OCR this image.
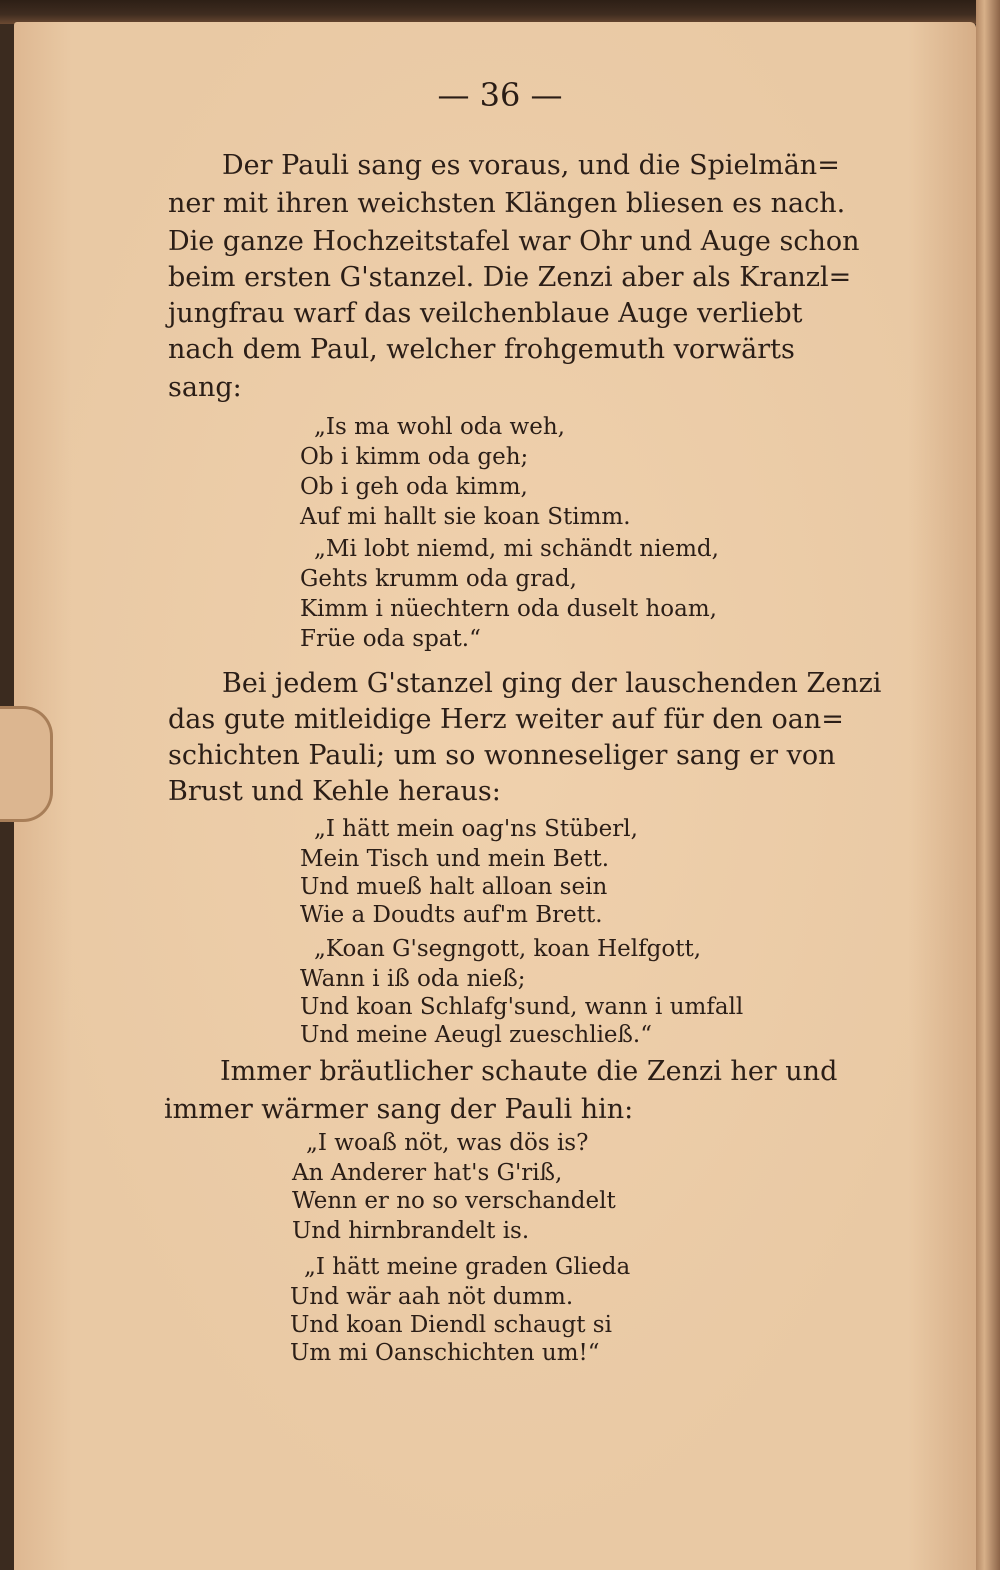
— 36 —

Der Pauli sang es voraus, und die Spielmän=

ner mit ihren weichsten Klängen bliesen es nach.

Die ganze Hochzeitstafel war Ohr und Auge schon

beim ersten G'stanzel. Die Zenzi aber als Kranzl=

jungfrau warf das veilchenblaue Auge verliebt

nach dem Paul, welcher frohgemuth vorwärts

sang:

„Is ma wohl oda weh,

Ob i kimm oda geh;

Ob i geh oda kimm,

Auf mi hallt sie koan Stimm.

„Mi lobt niemd, mi schändt niemd,

Gehts krumm oda grad,

Kimm i nüechtern oda duselt hoam,

Früe oda spat.“

Bei jedem G'stanzel ging der lauschenden Zenzi

das gute mitleidige Herz weiter auf für den oan=

schichten Pauli; um so wonneseliger sang er von

Brust und Kehle heraus:

„I hätt mein oag'ns Stüberl,

Mein Tisch und mein Bett.

Und mueß halt alloan sein

Wie a Doudts auf'm Brett.

„Koan G'segngott, koan Helfgott,

Wann i iß oda nieß;

Und koan Schlafg'sund, wann i umfall

Und meine Aeugl zueschließ.“

Immer bräutlicher schaute die Zenzi her und

immer wärmer sang der Pauli hin:

„I woaß nöt, was dös is?

An Anderer hat's G'riß,

Wenn er no so verschandelt

Und hirnbrandelt is.

„I hätt meine graden Glieda

Und wär aah nöt dumm.

Und koan Diendl schaugt si

Um mi Oanschichten um!“
